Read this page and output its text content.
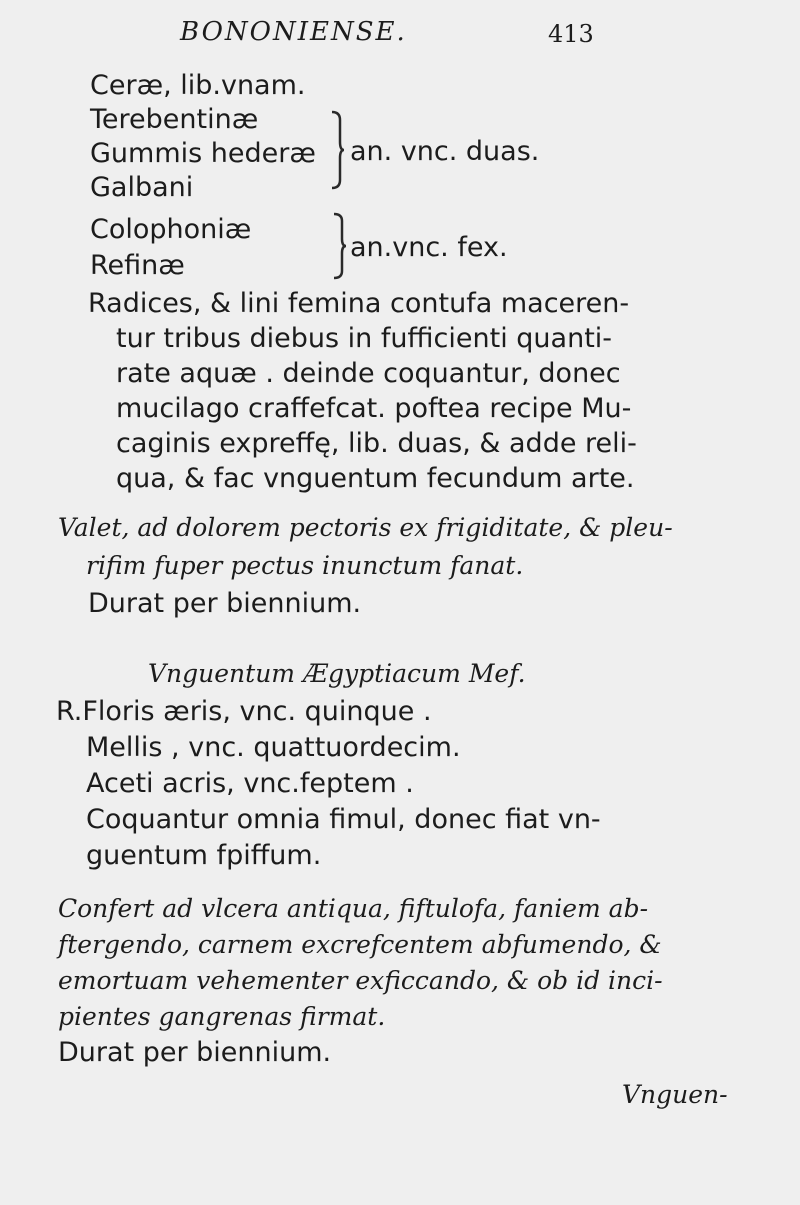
BONONIENSE.	413
Ceræ, lib.vnam.
Terebentinæ
Gummis hederæ
Galbani
Colophoniæ
Refinæ
an. vnc. duas.
an.vnc. fex.
Radices, & lini femina contufa maceren-
tur tribus diebus in fufficienti quanti-
rate aquæ . deinde coquantur, donec
mucilago craffefcat. poftea recipe Mu-
caginis expreffę, lib. duas, & adde reli-
qua, & fac vnguentum fecundum arte.
Valet, ad dolorem pectoris ex frigiditate, & pleu-
rifim fuper pectus inunctum fanat.
Durat per biennium.
Vnguentum Ægyptiacum Mef.
R.Floris æris, vnc. quinque .
Mellis , vnc. quattuordecim.
Aceti acris, vnc.feptem .
Coquantur omnia fimul, donec fiat vn-
guentum fpiffum.
Confert ad vlcera antiqua, fiftulofa, faniem ab-
ftergendo, carnem excrefcentem abfumendo, &
emortuam vehementer exficcando, & ob id inci-
pientes gangrenas firmat.
Durat per biennium.
Vnguen-
